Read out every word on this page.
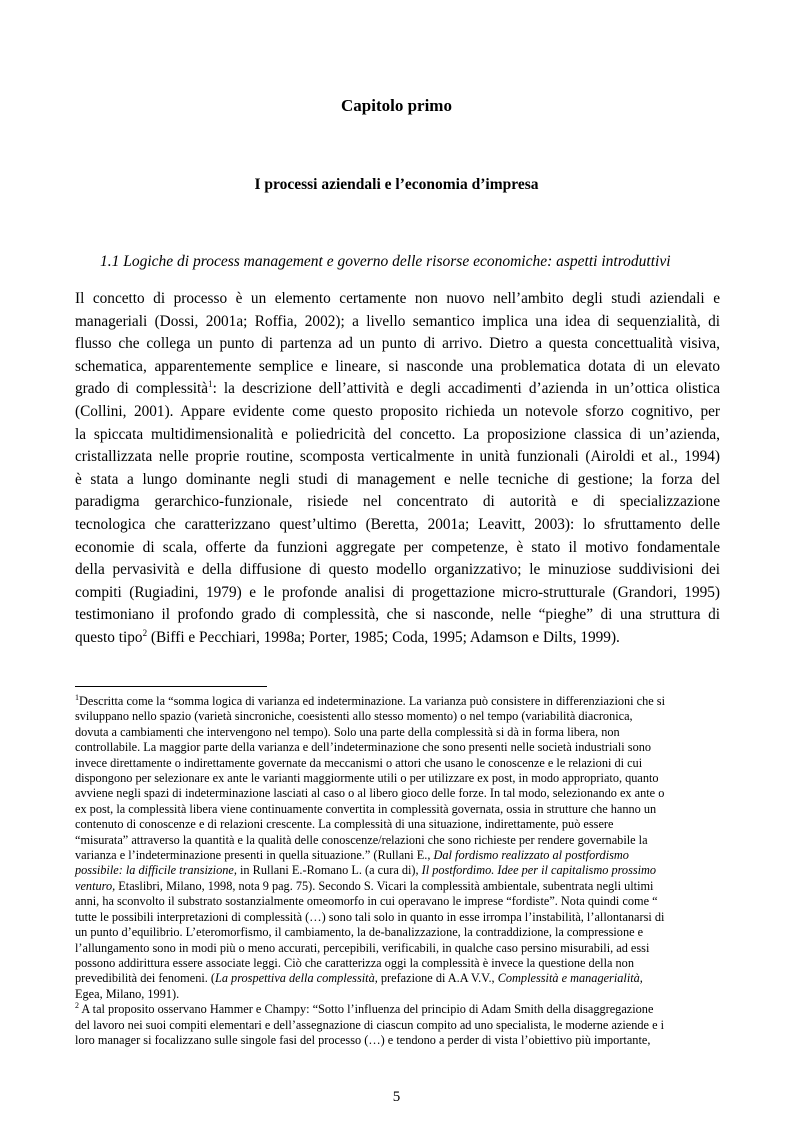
Capitolo primo
I processi aziendali e l’economia d’impresa
1.1 Logiche di process management e governo delle risorse economiche: aspetti introduttivi
Il concetto di processo è un elemento certamente non nuovo nell’ambito degli studi aziendali e
manageriali (Dossi, 2001a; Roffia, 2002); a livello semantico implica una idea di sequenzialità, di
flusso che collega un punto di partenza ad un punto di arrivo. Dietro a questa concettualità visiva,
schematica, apparentemente semplice e lineare, si nasconde una problematica dotata di un elevato
grado di complessità$^1$: la descrizione dell’attività e degli accadimenti d’azienda in un’ottica olistica
(Collini, 2001). Appare evidente come questo proposito richieda un notevole sforzo cognitivo, per
la spiccata multidimensionalità e poliedricità del concetto. La proposizione classica di un’azienda,
cristallizzata nelle proprie routine, scomposta verticalmente in unità funzionali (Airoldi et al., 1994)
è stata a lungo dominante negli studi di management e nelle tecniche di gestione; la forza del
paradigma gerarchico-funzionale, risiede nel concentrato di autorità e di specializzazione
tecnologica che caratterizzano quest’ultimo (Beretta, 2001a; Leavitt, 2003): lo sfruttamento delle
economie di scala, offerte da funzioni aggregate per competenze, è stato il motivo fondamentale
della pervasività e della diffusione di questo modello organizzativo; le minuziose suddivisioni dei
compiti (Rugiadini, 1979) e le profonde analisi di progettazione micro-strutturale (Grandori, 1995)
testimoniano il profondo grado di complessità, che si nasconde, nelle “pieghe” di una struttura di
questo tipo$^2$ (Biffi e Pecchiari, 1998a; Porter, 1985; Coda, 1995; Adamson e Dilts, 1999).
$^1$Descritta come la “somma logica di varianza ed indeterminazione. La varianza può consistere in differenziazioni che si
sviluppano nello spazio (varietà sincroniche, coesistenti allo stesso momento) o nel tempo (variabilità diacronica,
dovuta a cambiamenti che intervengono nel tempo). Solo una parte della complessità si dà in forma libera, non
controllabile. La maggior parte della varianza e dell’indeterminazione che sono presenti nelle società industriali sono
invece direttamente o indirettamente governate da meccanismi o attori che usano le conoscenze e le relazioni di cui
dispongono per selezionare ex ante le varianti maggiormente utili o per utilizzare ex post, in modo appropriato, quanto
avviene negli spazi di indeterminazione lasciati al caso o al libero gioco delle forze. In tal modo, selezionando ex ante o
ex post, la complessità libera viene continuamente convertita in complessità governata, ossia in strutture che hanno un
contenuto di conoscenze e di relazioni crescente. La complessità di una situazione, indirettamente, può essere
“misurata” attraverso la quantità e la qualità delle conoscenze/relazioni che sono richieste per rendere governabile la
varianza e l’indeterminazione presenti in quella situazione.” (Rullani E., Dal fordismo realizzato al postfordismo
possibile: la difficile transizione, in Rullani E.-Romano L. (a cura di), Il postfordimo. Idee per il capitalismo prossimo
venturo, Etaslibri, Milano, 1998, nota 9 pag. 75). Secondo S. Vicari la complessità ambientale, subentrata negli ultimi
anni, ha sconvolto il substrato sostanzialmente omeomorfo in cui operavano le imprese “fordiste”. Nota quindi come “
tutte le possibili interpretazioni di complessità (…) sono tali solo in quanto in esse irrompa l’instabilità, l’allontanarsi di
un punto d’equilibrio. L’eteromorfismo, il cambiamento, la de-banalizzazione, la contraddizione, la compressione e
l’allungamento sono in modi più o meno accurati, percepibili, verificabili, in qualche caso persino misurabili, ad essi
possono addirittura essere associate leggi. Ciò che caratterizza oggi la complessità è invece la questione della non
prevedibilità dei fenomeni. (La prospettiva della complessità, prefazione di A.A V.V., Complessità e managerialità,
Egea, Milano, 1991).
$^2$ A tal proposito osservano Hammer e Champy: “Sotto l’influenza del principio di Adam Smith della disaggregazione
del lavoro nei suoi compiti elementari e dell’assegnazione di ciascun compito ad uno specialista, le moderne aziende e i
loro manager si focalizzano sulle singole fasi del processo (…) e tendono a perder di vista l’obiettivo più importante,
5
